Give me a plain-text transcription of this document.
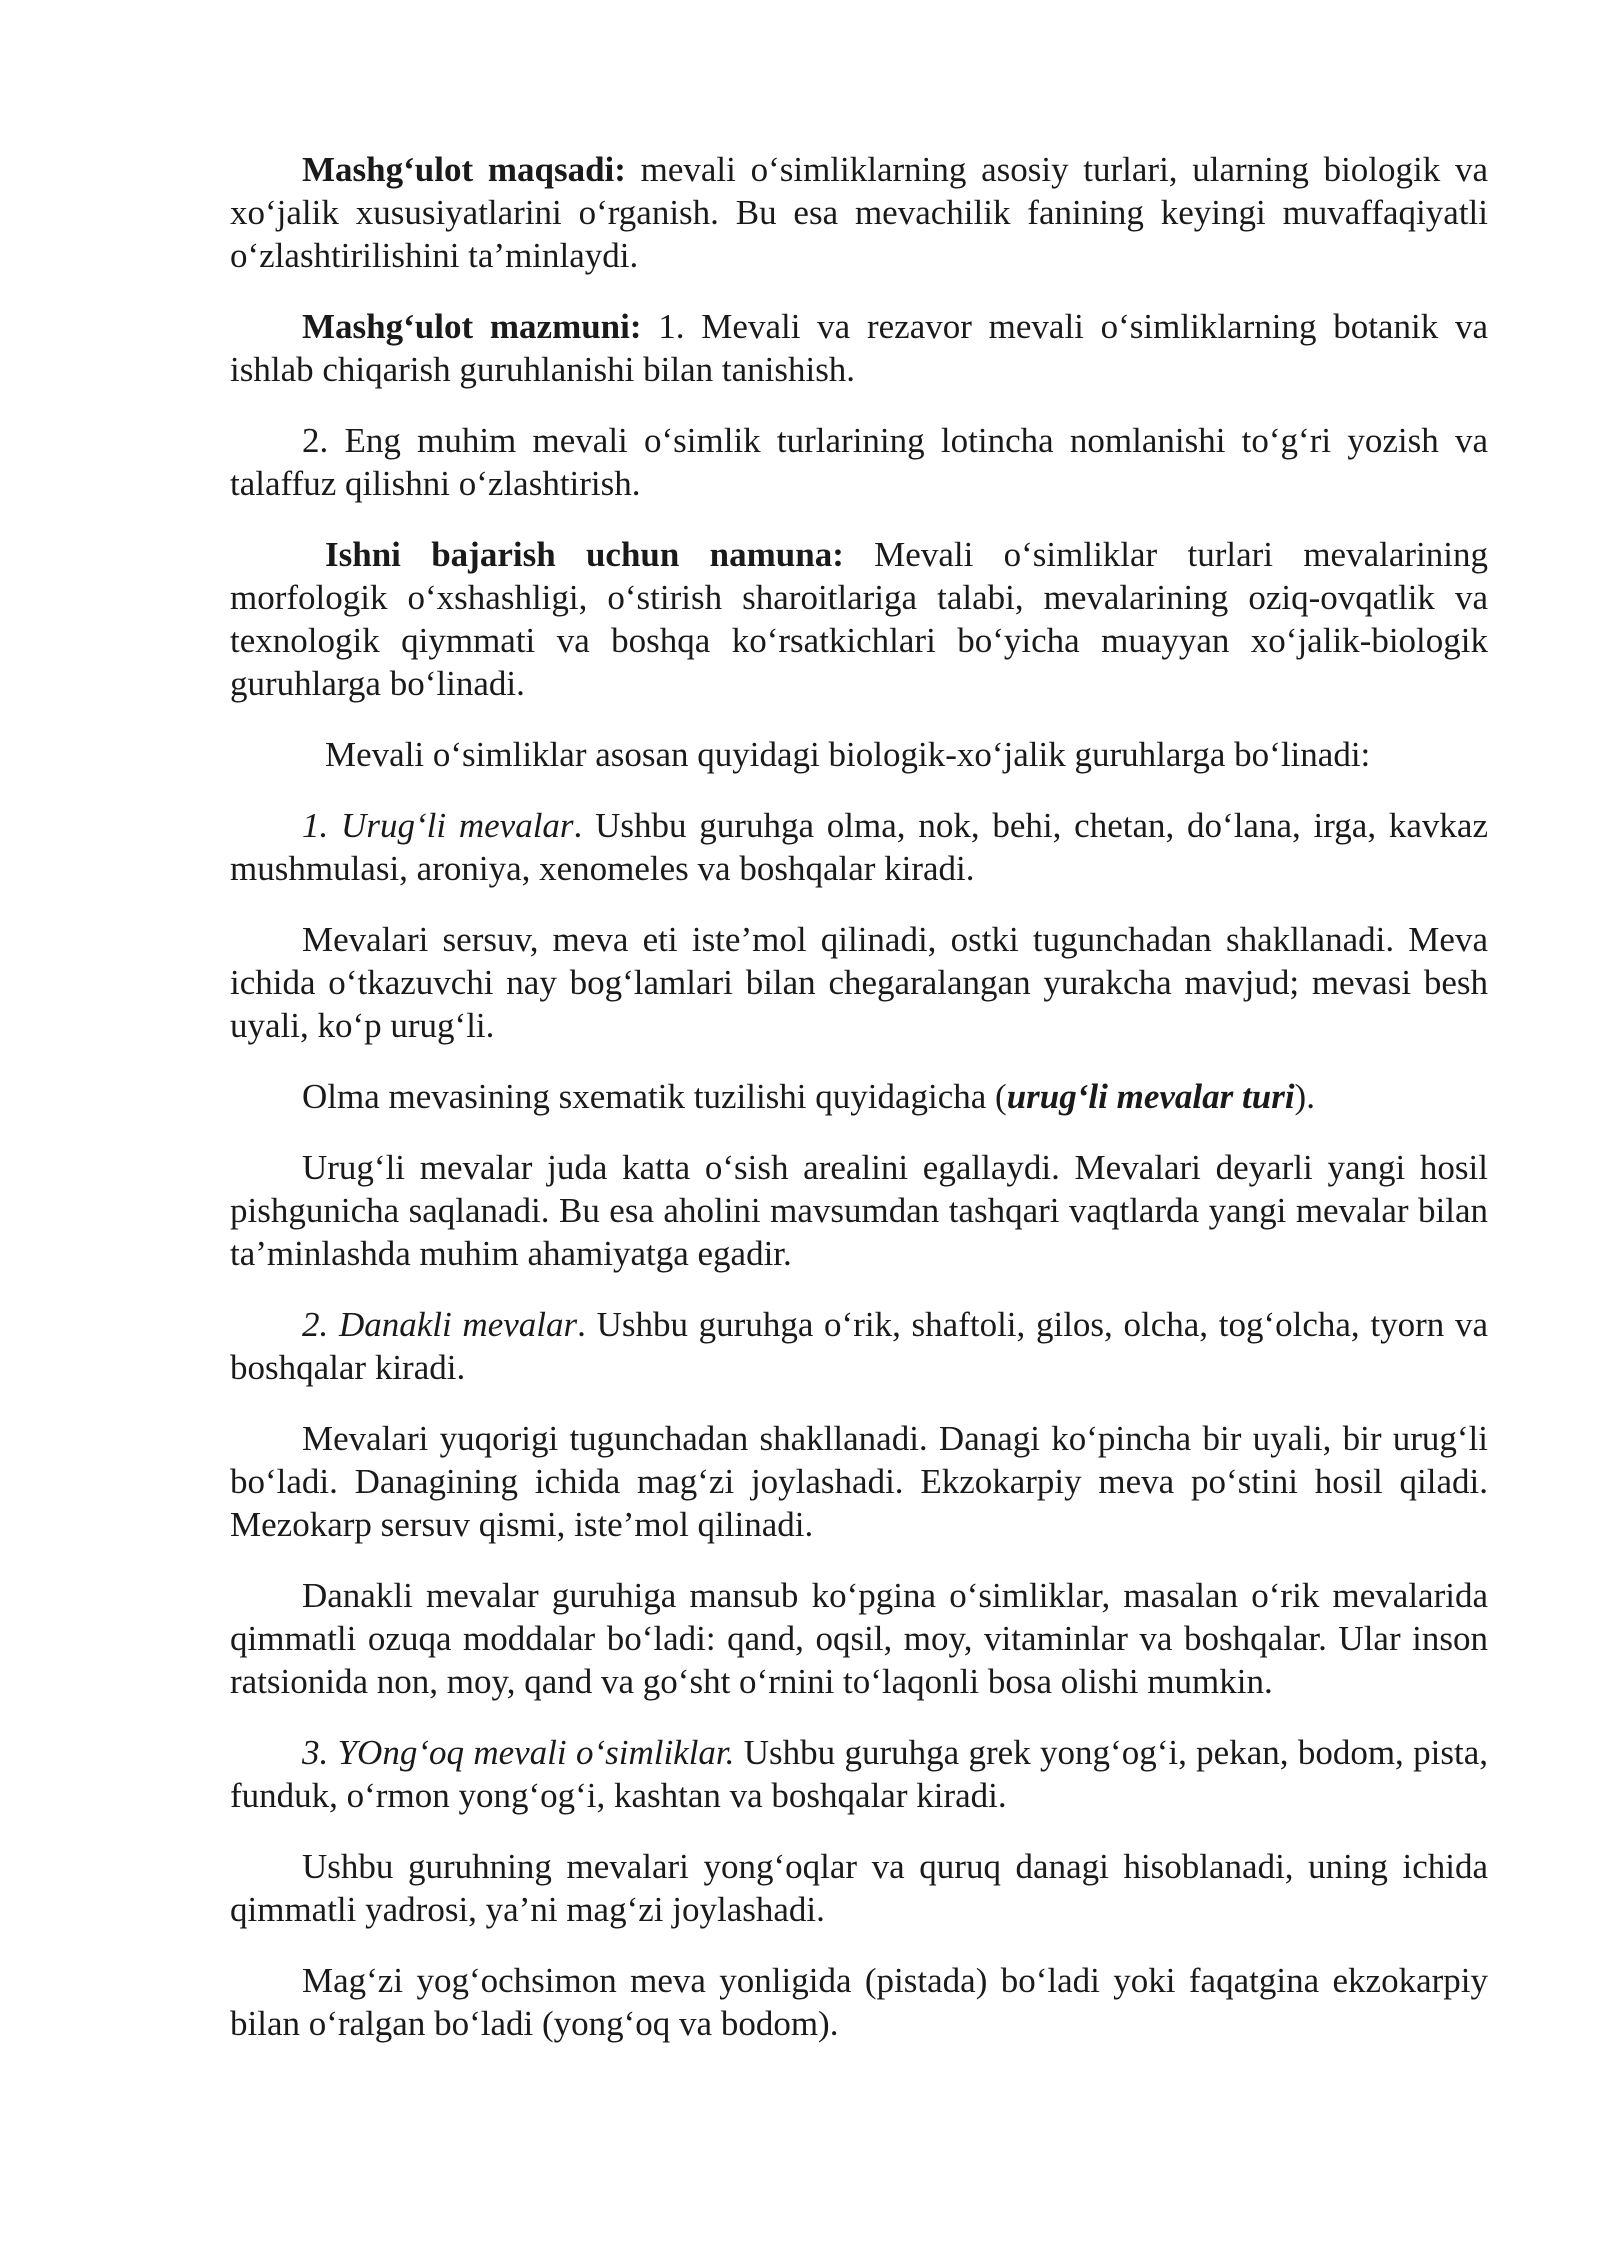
Mashg‘ulot maqsadi: mevali o‘simliklarning asosiy turlari, ularning biologik va xo‘jalik xususiyatlarini o‘rganish. Bu esa mevachilik fanining keyingi muvaffaqiyatli o‘zlashtirilishini ta’minlaydi.

Mashg‘ulot mazmuni: 1. Mevali va rezavor mevali o‘simliklarning botanik va ishlab chiqarish guruhlanishi bilan tanishish.

2. Eng muhim mevali o‘simlik turlarining lotincha nomlanishi to‘g‘ri yozish va talaffuz qilishni o‘zlashtirish.

Ishni bajarish uchun namuna: Mevali o‘simliklar turlari mevalarining morfologik o‘xshashligi, o‘stirish sharoitlariga talabi, mevalarining oziq-ovqatlik va texnologik qiymmati va boshqa ko‘rsatkichlari bo‘yicha muayyan xo‘jalik-biologik guruhlarga bo‘linadi.

Mevali o‘simliklar asosan quyidagi biologik-xo‘jalik guruhlarga bo‘linadi:

1. Urug‘li mevalar. Ushbu guruhga olma, nok, behi, chetan, do‘lana, irga, kavkaz mushmulasi, aroniya, xenomeles va boshqalar kiradi.

Mevalari sersuv, meva eti iste’mol qilinadi, ostki tugunchadan shakllanadi. Meva ichida o‘tkazuvchi nay bog‘lamlari bilan chegaralangan yurakcha mavjud; mevasi besh uyali, ko‘p urug‘li.

Olma mevasining sxematik tuzilishi quyidagicha (urug‘li mevalar turi).

Urug‘li mevalar juda katta o‘sish arealini egallaydi. Mevalari deyarli yangi hosil pishgunicha saqlanadi. Bu esa aholini mavsumdan tashqari vaqtlarda yangi mevalar bilan ta’minlashda muhim ahamiyatga egadir.

2. Danakli mevalar. Ushbu guruhga o‘rik, shaftoli, gilos, olcha, tog‘olcha, tyorn va boshqalar kiradi.

Mevalari yuqorigi tugunchadan shakllanadi. Danagi ko‘pincha bir uyali, bir urug‘li bo‘ladi. Danagining ichida mag‘zi joylashadi. Ekzokarpiy meva po‘stini hosil qiladi. Mezokarp sersuv qismi, iste’mol qilinadi.

Danakli mevalar guruhiga mansub ko‘pgina o‘simliklar, masalan o‘rik mevalarida qimmatli ozuqa moddalar bo‘ladi: qand, oqsil, moy, vitaminlar va boshqalar. Ular inson ratsionida non, moy, qand va go‘sht o‘rnini to‘laqonli bosa olishi mumkin.

3. YOng‘oq mevali o‘simliklar. Ushbu guruhga grek yong‘og‘i, pekan, bodom, pista, funduk, o‘rmon yong‘og‘i, kashtan va boshqalar kiradi.

Ushbu guruhning mevalari yong‘oqlar va quruq danagi hisoblanadi, uning ichida qimmatli yadrosi, ya’ni mag‘zi joylashadi.

Mag‘zi yog‘ochsimon meva yonligida (pistada) bo‘ladi yoki faqatgina ekzokarpiy bilan o‘ralgan bo‘ladi (yong‘oq va bodom).
